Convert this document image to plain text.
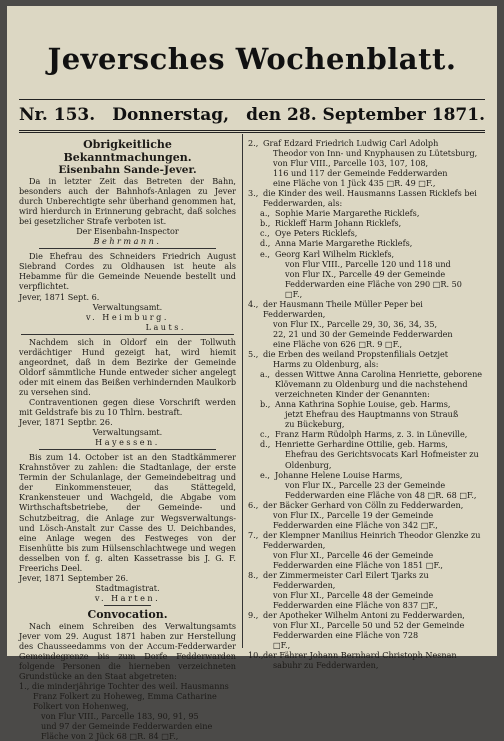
Jeversches Wochenblatt.
Nr. 153. Donnerstag, den 28. September 1871.
Obrigkeitliche Bekanntmachungen.
Eisenbahn Sande-Jever.
Da in letzter Zeit das Betreten der Bahn, besonders auch der Bahnhofs-Anlagen zu Jever durch Unberechtigte sehr überhand genommen hat, wird hierdurch in Erinnerung gebracht, daß solches bei gesetzlicher Strafe verboten ist.
Der Eisenbahn-Inspector
Behrmann.
Die Ehefrau des Schneiders Friedrich August Siebrand Cordes zu Oldhausen ist heute als Hebamme für die Gemeinde Neuende bestellt und verpflichtet.
Jever, 1871 Sept. 6.
Verwaltungsamt.
v. Heimburg.
Lauts.
Nachdem sich in Oldorf ein der Tollwuth verdächtiger Hund gezeigt hat, wird hiemit angeordnet, daß in dem Bezirke der Gemeinde Oldorf sämmtliche Hunde entweder sicher angelegt oder mit einem das Beißen verhindernden Maulkorb zu versehen sind.
Contraventionen gegen diese Vorschrift werden mit Geldstrafe bis zu 10 Thlrn. bestraft.
Jever, 1871 Septbr. 26.
Verwaltungsamt.
Hayessen.
Bis zum 14. October ist an den Stadtkämmerer Krahnstöver zu zahlen: die Stadtanlage, der erste Termin der Schulanlage, der Gemeindebeitrag und der Einkommensteuer, das Stättegeld, Krankensteuer und Wachgeld, die Abgabe vom Wirthschaftsbetriebe, der Gemeinde- und Schutzbeitrag, die Anlage zur Wegsverwaltungs- und Lösch-Anstalt zur Casse des U. Deichbandes, eine Anlage wegen des Festweges von der Eisenhütte bis zum Hülsenschlachtwege und wegen desselben von f. g. alten Kassetrasse bis J. G. F. Freerichs Deel.
Jever, 1871 September 26.
Stadtmagistrat.
v. Harten.
Convocation.
Nach einem Schreiben des Verwaltungsamts Jever vom 29. August 1871 haben zur Herstellung des Chausseedamms von der Accum-Fedderwarder Gemeindegrenze bis zum Dorfe Fedderwarden folgende Personen die hierneben verzeichneten Grundstücke an den Staat abgetreten:
1., die minderjährige Tochter des weil. Hausmanns
Franz Folkert zu Hoheweg, Emma Catharine
Folkert von Hohenweg,
von Flur VIII., Parcelle 183, 90, 91, 95
und 97 der Gemeinde Fedderwarden eine
Fläche von 2 Jück 68 □R. 84 □F.,
2., Graf Edzard Friedrich Ludwig Carl Adolph
Theodor von Inn- und Knyphausen zu Lütetsburg,
von Flur VIII., Parcelle 103, 107, 108,
116 und 117 der Gemeinde Fedderwarden
eine Fläche von 1 Jück 435 □R. 49 □F.,
3., die Kinder des weil. Hausmanns Lassen Ricklefs bei Fedderwarden, als:
a., Sophie Marie Margarethe Ricklefs,
b., Rickleff Harm Johann Ricklefs,
c., Oye Peters Ricklefs,
d., Anna Marie Margarethe Ricklefs,
e., Georg Karl Wilhelm Ricklefs,
von Flur VIII., Parcelle 120 und 118 und
von Flur IX., Parcelle 49 der Gemeinde
Fedderwarden eine Fläche von 290 □R. 50
□F.,
4., der Hausmann Theile Müller Peper bei Fedderwarden,
von Flur IX., Parcelle 29, 30, 36, 34, 35,
22, 21 und 30 der Gemeinde Fedderwarden
eine Fläche von 626 □R. 9 □F.,
5., die Erben des weiland Propstenfilials Oetzjet
Harms zu Oldenburg, als:
a., dessen Wittwe Anna Carolina Henriette, geborene Klövemann zu Oldenburg und die nachstehend verzeichneten Kinder der Genannten:
b., Anna Kathrina Sophie Louise, geb. Harms,
jetzt Ehefrau des Hauptmanns von Strauß
zu Bückeburg,
c., Franz Harm Rüdolph Harms, z. 3. in Lüneville,
d., Henriette Gerhardine Ottilie, geb. Harms,
Ehefrau des Gerichtsvocats Karl Hofmeister zu
Oldenburg,
e., Johanne Helene Louise Harms,
von Flur IX., Parcelle 23 der Gemeinde
Fedderwarden eine Fläche von 48 □R. 68 □F.,
6., der Bäcker Gerhard von Cölln zu Fedderwarden,
von Flur IX., Parcelle 19 der Gemeinde
Fedderwarden eine Fläche von 342 □F.,
7., der Klempner Manilius Heinrich Theodor Glenzke zu Fedderwarden,
von Flur XI., Parcelle 46 der Gemeinde
Fedderwarden eine Fläche von 1851 □F.,
8., der Zimmermeister Carl Eilert Tjarks zu
Fedderwarden,
von Flur XI., Parcelle 48 der Gemeinde
Fedderwarden eine Fläche von 837 □F.,
9., der Apotheker Wilhelm Antoni zu Fedderwarden,
von Flur XI., Parcelle 50 und 52 der Gemeinde Fedderwarden eine Fläche von 728
□F.,
10., der Fährer Johann Bernhard Christoph Nesnan
sabuhr zu Fedderwarden,
